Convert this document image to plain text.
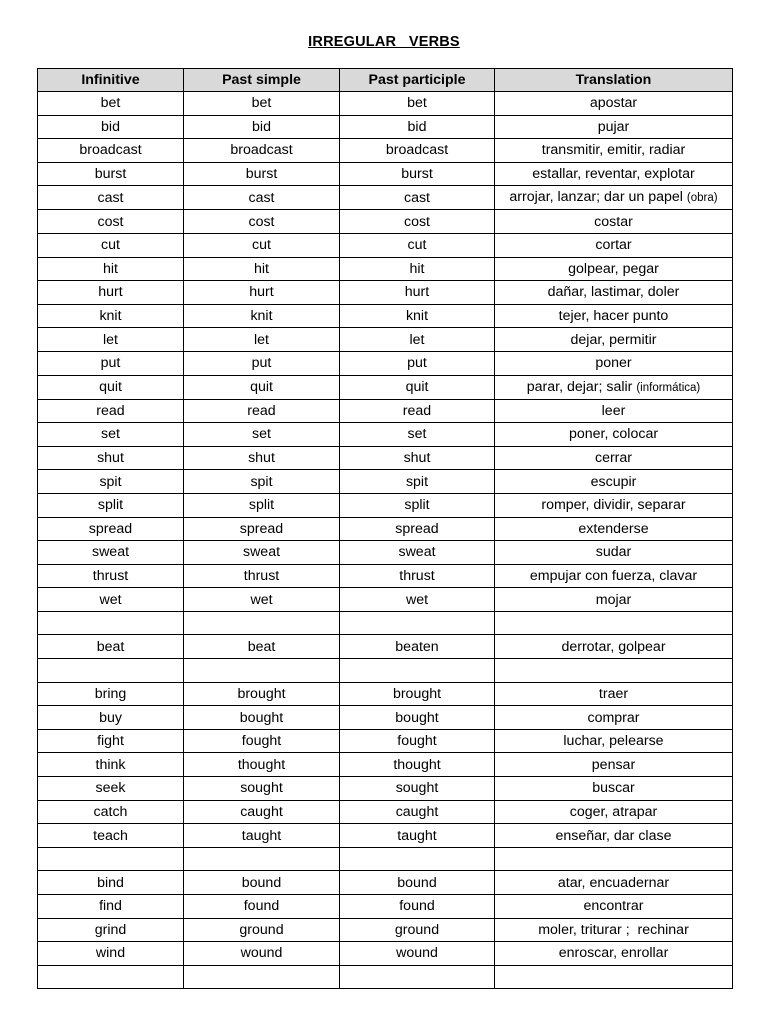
IRREGULAR   VERBS
Infinitive	Past simple	Past participle	Translation
bet	bet	bet	apostar
bid	bid	bid	pujar
broadcast	broadcast	broadcast	transmitir, emitir, radiar
burst	burst	burst	estallar, reventar, explotar
cast	cast	cast	arrojar, lanzar; dar un papel (obra)
cost	cost	cost	costar
cut	cut	cut	cortar
hit	hit	hit	golpear, pegar
hurt	hurt	hurt	dañar, lastimar, doler
knit	knit	knit	tejer, hacer punto
let	let	let	dejar, permitir
put	put	put	poner
quit	quit	quit	parar, dejar; salir (informática)
read	read	read	leer
set	set	set	poner, colocar
shut	shut	shut	cerrar
spit	spit	spit	escupir
split	split	split	romper, dividir, separar
spread	spread	spread	extenderse
sweat	sweat	sweat	sudar
thrust	thrust	thrust	empujar con fuerza, clavar
wet	wet	wet	mojar

beat	beat	beaten	derrotar, golpear

bring	brought	brought	traer
buy	bought	bought	comprar
fight	fought	fought	luchar, pelearse
think	thought	thought	pensar
seek	sought	sought	buscar
catch	caught	caught	coger, atrapar
teach	taught	taught	enseñar, dar clase

bind	bound	bound	atar, encuadernar
find	found	found	encontrar
grind	ground	ground	moler, triturar ;  rechinar
wind	wound	wound	enroscar, enrollar
